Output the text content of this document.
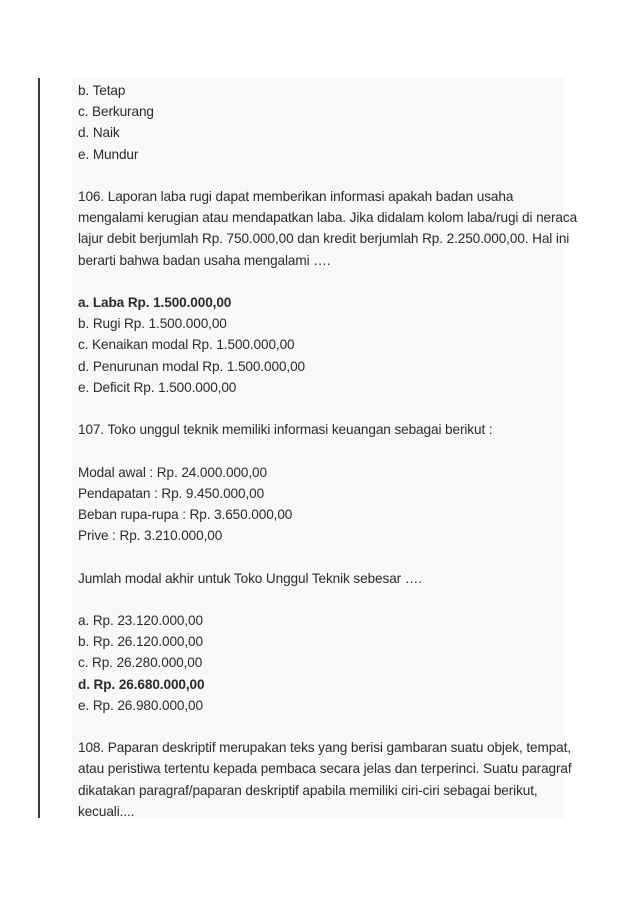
b. Tetap

c. Berkurang

d. Naik

e. Mundur

106. Laporan laba rugi dapat memberikan informasi apakah badan usaha

mengalami kerugian atau mendapatkan laba. Jika didalam kolom laba/rugi di neraca

lajur debit berjumlah Rp. 750.000,00 dan kredit berjumlah Rp. 2.250.000,00. Hal ini

berarti bahwa badan usaha mengalami ….

a. Laba Rp. 1.500.000,00

b. Rugi Rp. 1.500.000,00

c. Kenaikan modal Rp. 1.500.000,00

d. Penurunan modal Rp. 1.500.000,00

e. Deficit Rp. 1.500.000,00

107. Toko unggul teknik memiliki informasi keuangan sebagai berikut :

Modal awal : Rp. 24.000.000,00

Pendapatan : Rp. 9.450.000,00

Beban rupa-rupa : Rp. 3.650.000,00

Prive : Rp. 3.210.000,00

Jumlah modal akhir untuk Toko Unggul Teknik sebesar ….

a. Rp. 23.120.000,00

b. Rp. 26.120.000,00

c. Rp. 26.280.000,00

d. Rp. 26.680.000,00

e. Rp. 26.980.000,00

108. Paparan deskriptif merupakan teks yang berisi gambaran suatu objek, tempat,

atau peristiwa tertentu kepada pembaca secara jelas dan terperinci. Suatu paragraf

dikatakan paragraf/paparan deskriptif apabila memiliki ciri-ciri sebagai berikut,

kecuali....
